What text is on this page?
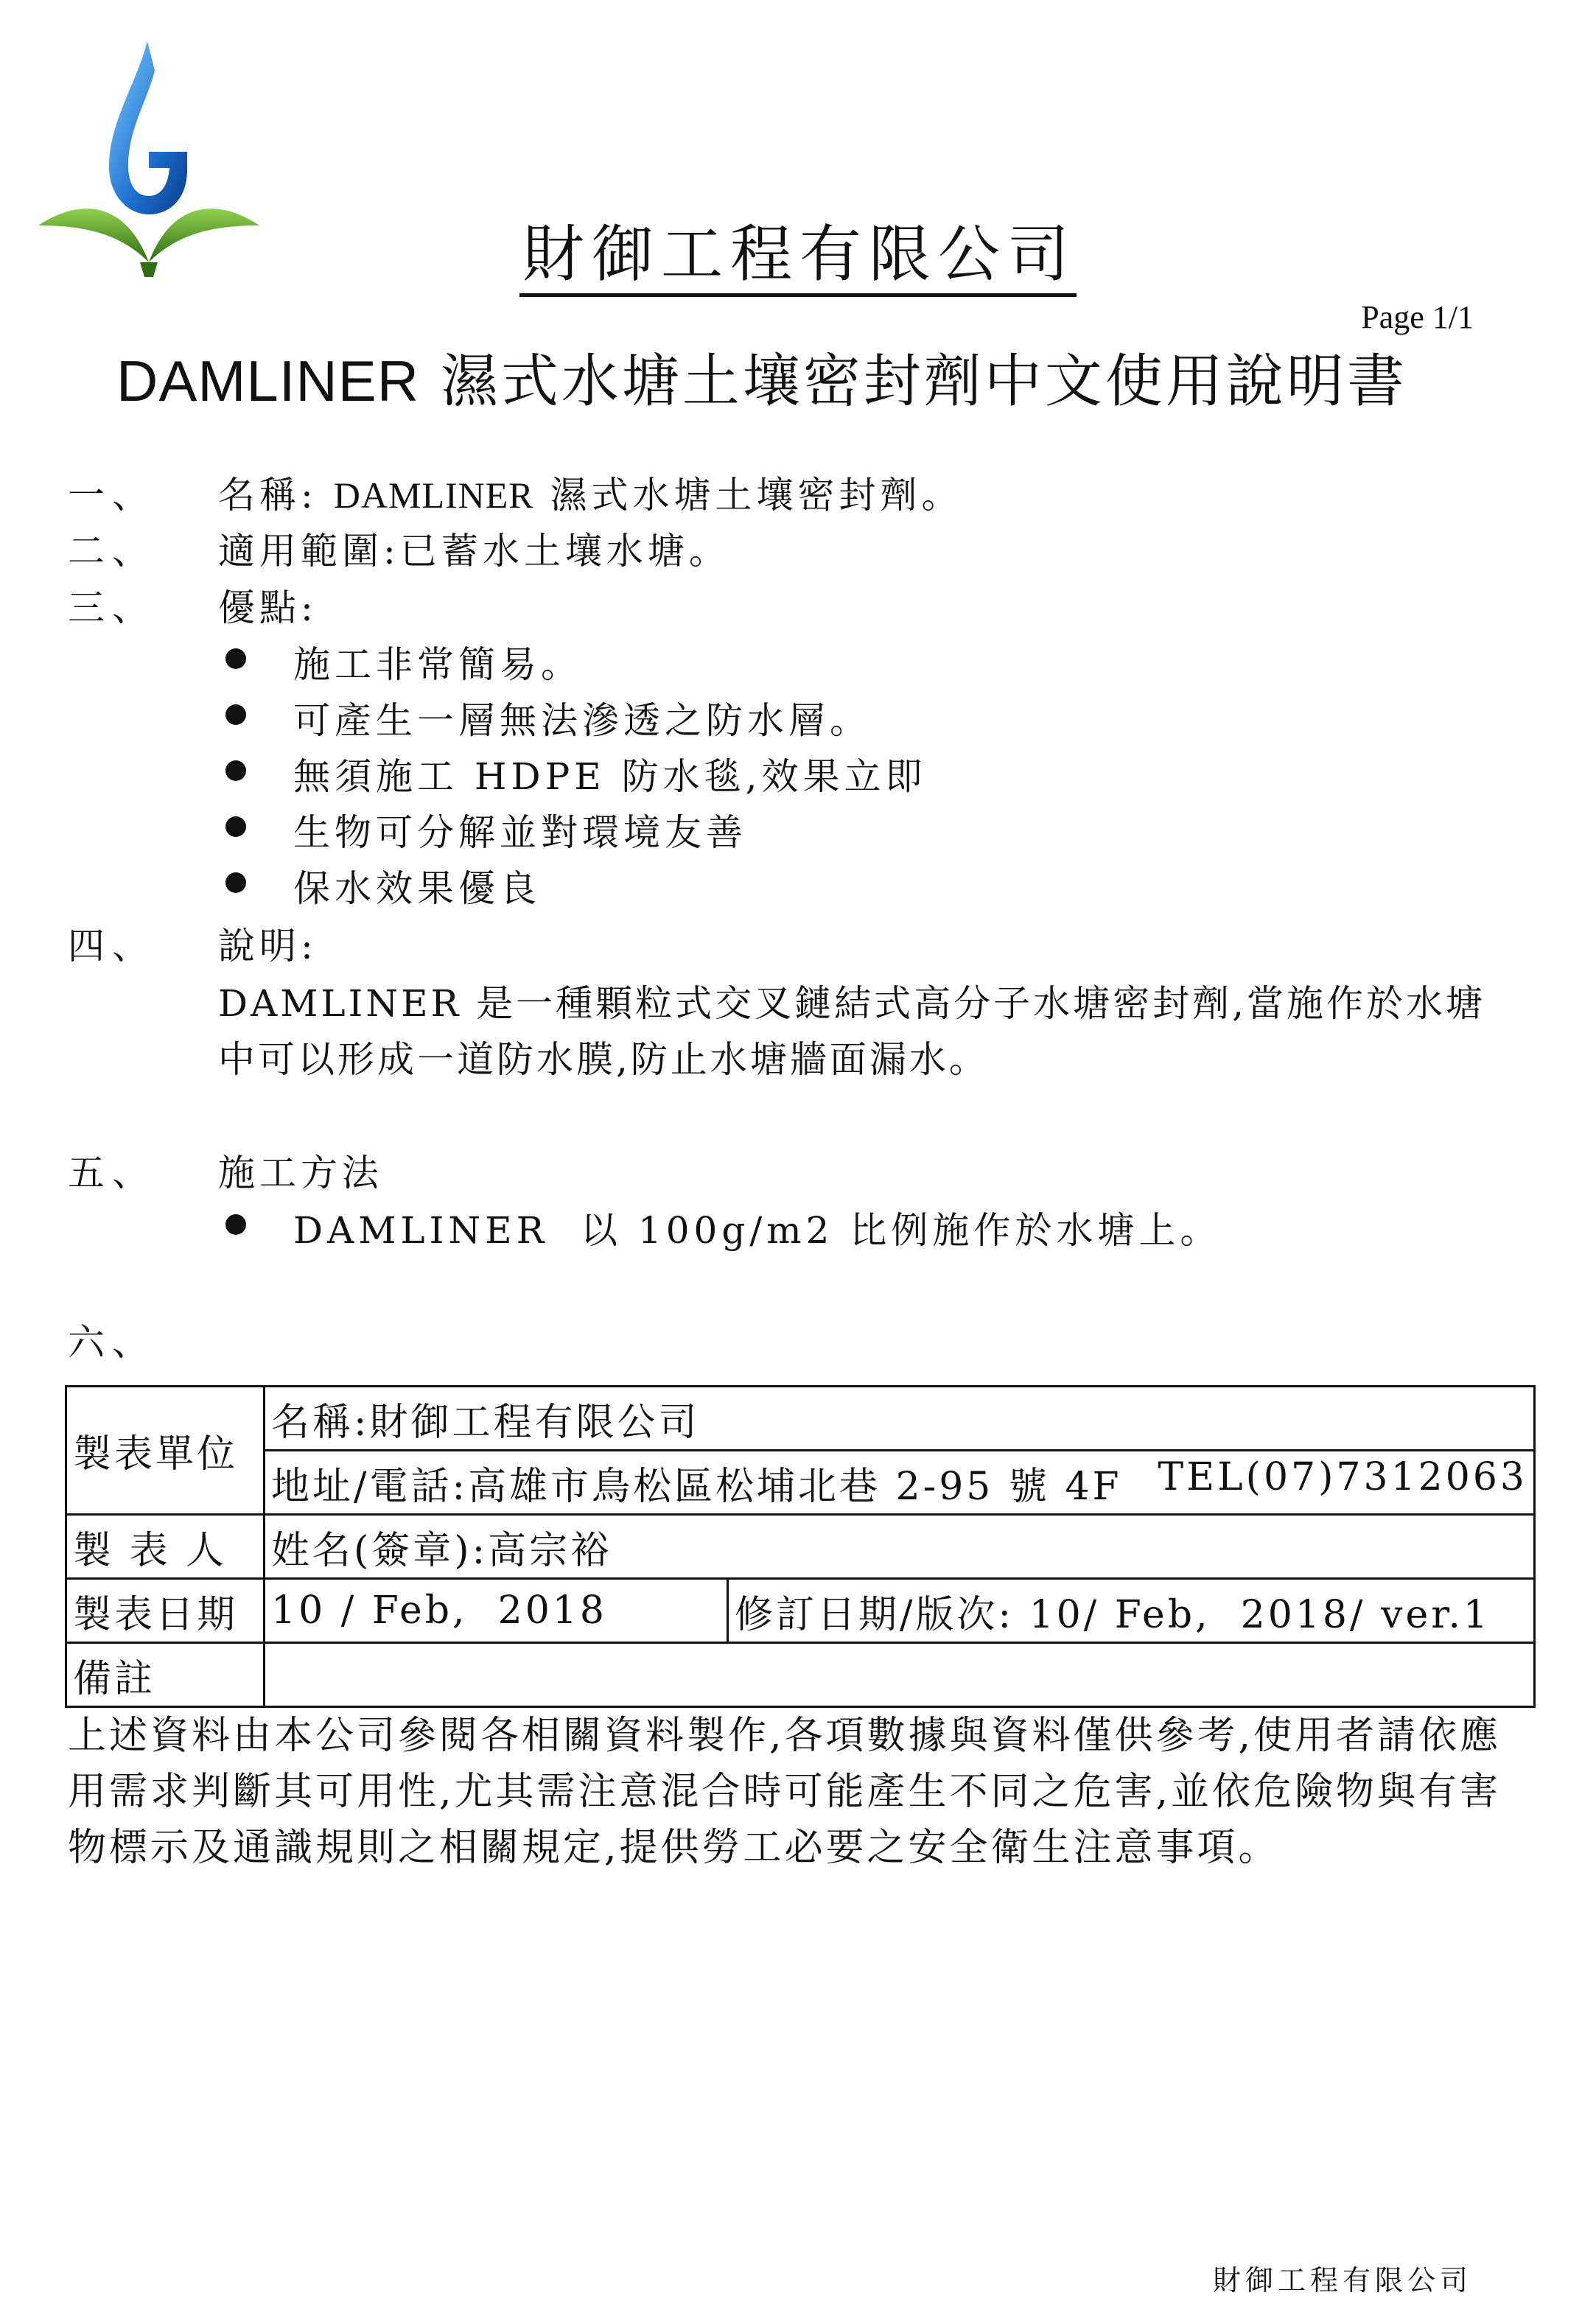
財御工程有限公司
Page 1/1
DAMLINER 濕式水塘土壤密封劑中文使用說明書
一、 名稱: DAMLINER 濕式水塘土壤密封劑。
二、 適用範圍:已蓄水土壤水塘。
三、 優點:
施工非常簡易。
可產生一層無法滲透之防水層。
無須施工 HDPE 防水毯,效果立即
生物可分解並對環境友善
保水效果優良
四、 說明:
DAMLINER 是一種顆粒式交叉鏈結式高分子水塘密封劑,當施作於水塘
中可以形成一道防水膜,防止水塘牆面漏水。
五、 施工方法
DAMLINER  以 100g/m2 比例施作於水塘上。
六、
製表單位	名稱:財御工程有限公司	
	地址/電話:高雄市鳥松區松埔北巷 2-95 號 4F TEL(07)7312063	

製 表 人	姓名(簽章):高宗裕	
製表日期	10 / Feb,  2018	修訂日期/版次: 10/ Feb,  2018/ ver.1
備註		
上述資料由本公司參閱各相關資料製作,各項數據與資料僅供參考,使用者請依應用需求判斷其可用性,尤其需注意混合時可能產生不同之危害,並依危險物與有害物標示及通識規則之相關規定,提供勞工必要之安全衛生注意事項。
財御工程有限公司
